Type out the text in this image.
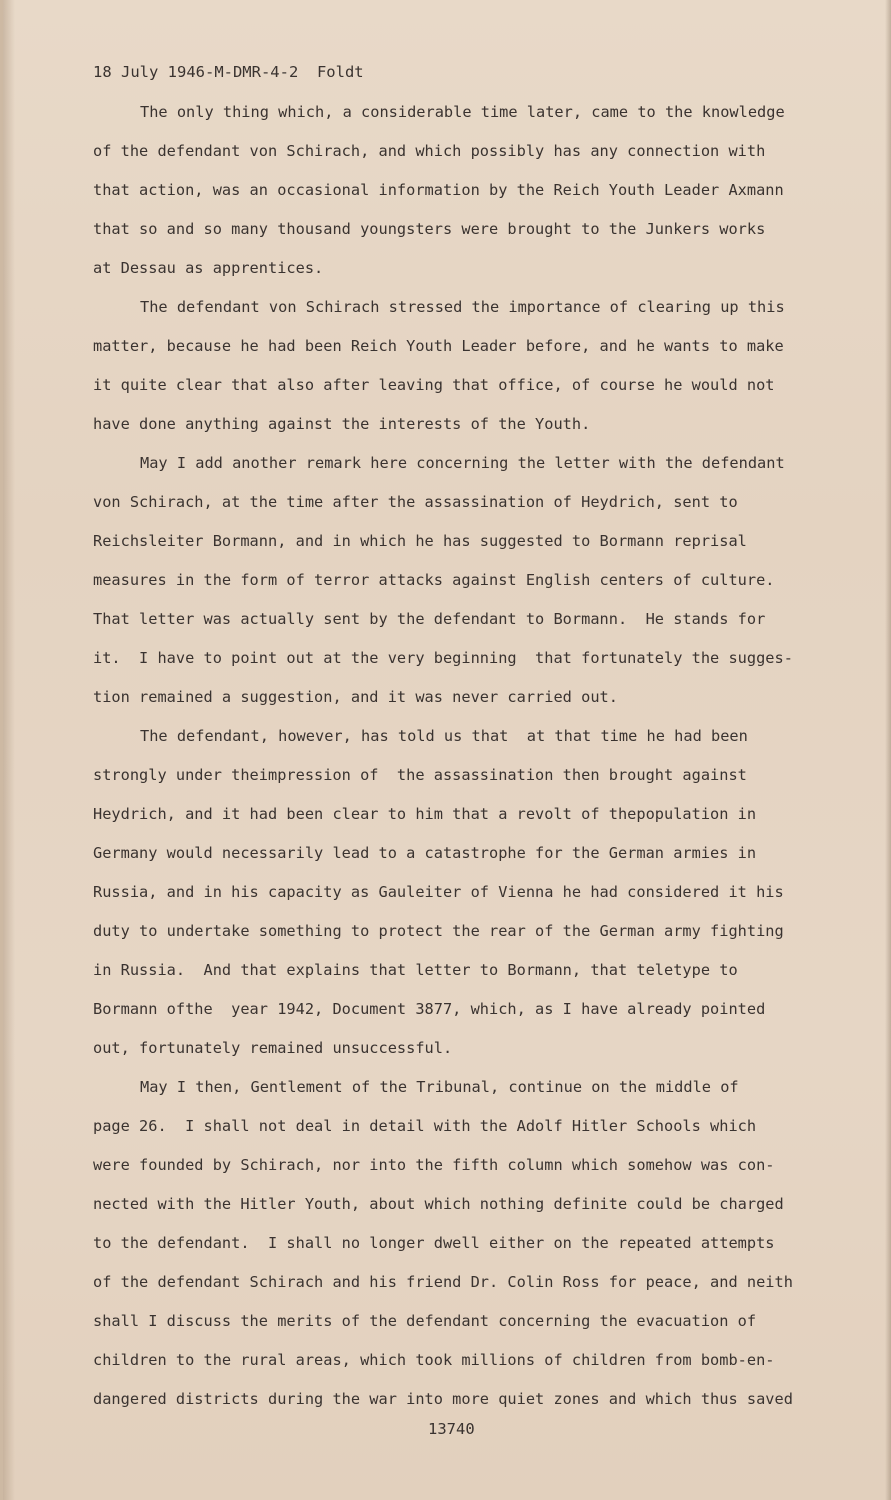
18 July 1946-M-DMR-4-2  Foldt

The only thing which, a considerable time later, came to the knowledge

of the defendant von Schirach, and which possibly has any connection with

that action, was an occasional information by the Reich Youth Leader Axmann

that so and so many thousand youngsters were brought to the Junkers works

at Dessau as apprentices.

The defendant von Schirach stressed the importance of clearing up this

matter, because he had been Reich Youth Leader before, and he wants to make

it quite clear that also after leaving that office, of course he would not

have done anything against the interests of the Youth.

May I add another remark here concerning the letter with the defendant

von Schirach, at the time after the assassination of Heydrich, sent to

Reichsleiter Bormann, and in which he has suggested to Bormann reprisal

measures in the form of terror attacks against English centers of culture.

That letter was actually sent by the defendant to Bormann.  He stands for

it.  I have to point out at the very beginning  that fortunately the sugges-

tion remained a suggestion, and it was never carried out.

The defendant, however, has told us that  at that time he had been

strongly under theimpression of  the assassination then brought against

Heydrich, and it had been clear to him that a revolt of thepopulation in

Germany would necessarily lead to a catastrophe for the German armies in

Russia, and in his capacity as Gauleiter of Vienna he had considered it his

duty to undertake something to protect the rear of the German army fighting

in Russia.  And that explains that letter to Bormann, that teletype to

Bormann ofthe  year 1942, Document 3877, which, as I have already pointed

out, fortunately remained unsuccessful.

May I then, Gentlement of the Tribunal, continue on the middle of

page 26.  I shall not deal in detail with the Adolf Hitler Schools which

were founded by Schirach, nor into the fifth column which somehow was con-

nected with the Hitler Youth, about which nothing definite could be charged

to the defendant.  I shall no longer dwell either on the repeated attempts

of the defendant Schirach and his friend Dr. Colin Ross for peace, and neith

shall I discuss the merits of the defendant concerning the evacuation of

children to the rural areas, which took millions of children from bomb-en-

dangered districts during the war into more quiet zones and which thus saved

13740
